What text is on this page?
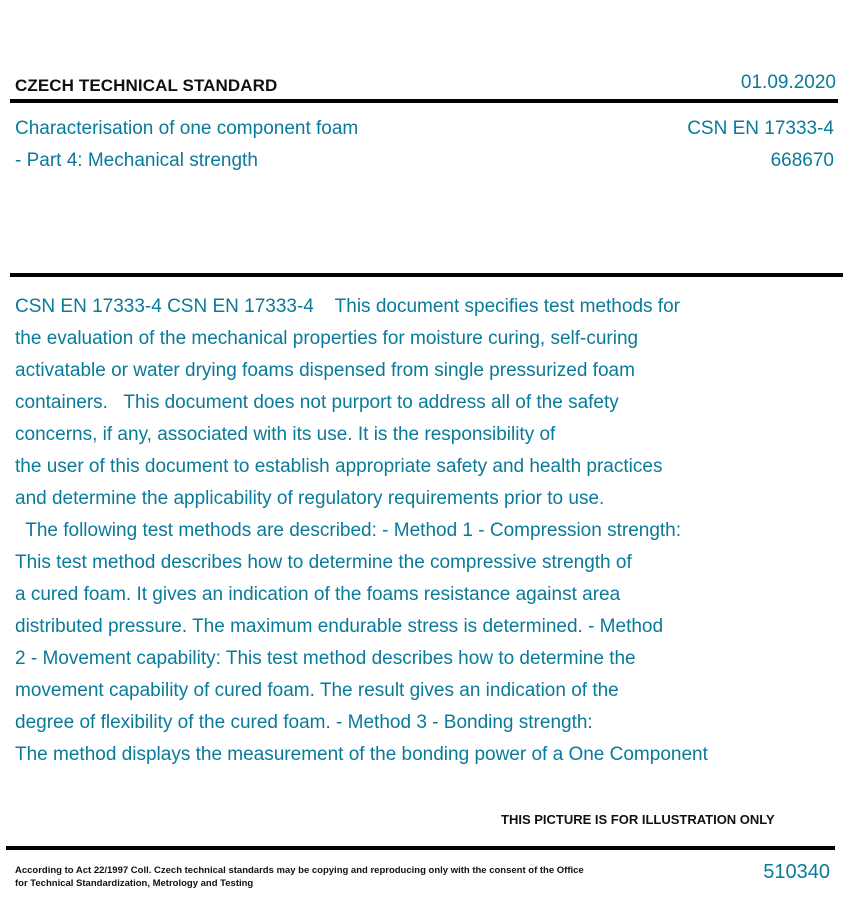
CZECH TECHNICAL STANDARD	01.09.2020
Characterisation of one component foam
- Part 4: Mechanical strength
CSN EN 17333-4
668670
CSN EN 17333-4 CSN EN 17333-4    This document specifies test methods for
the evaluation of the mechanical properties for moisture curing, self-curing
activatable or water drying foams dispensed from single pressurized foam
containers.   This document does not purport to address all of the safety
concerns, if any, associated with its use. It is the responsibility of
the user of this document to establish appropriate safety and health practices
and determine the applicability of regulatory requirements prior to use.
The following test methods are described: - Method 1 - Compression strength:
This test method describes how to determine the compressive strength of
a cured foam. It gives an indication of the foams resistance against area
distributed pressure. The maximum endurable stress is determined. - Method
2 - Movement capability: This test method describes how to determine the
movement capability of cured foam. The result gives an indication of the
degree of flexibility of the cured foam. - Method 3 - Bonding strength:
The method displays the measurement of the bonding power of a One Component
THIS PICTURE IS FOR ILLUSTRATION ONLY
According to Act 22/1997 Coll. Czech technical standards may be copying and reproducing only with the consent of the Office
for Technical Standardization, Metrology and Testing	510340
